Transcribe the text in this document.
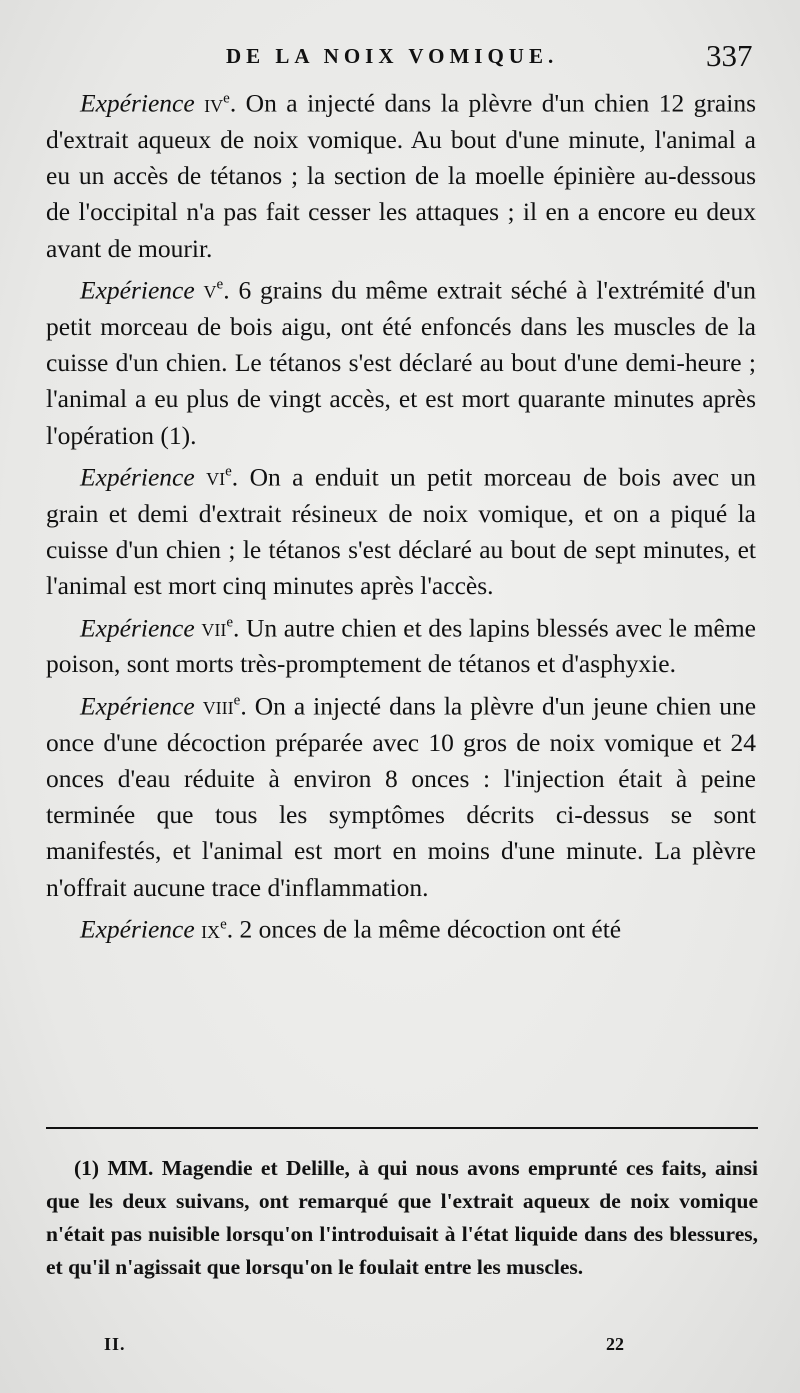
DE LA NOIX VOMIQUE.	337

Expérience $iv^e$. On a injecté dans la plèvre d'un chien 12 grains d'extrait aqueux de noix vomique. Au bout d'une minute, l'animal a eu un accès de tétanos ; la section de la moelle épinière au-dessous de l'occipital n'a pas fait cesser les attaques ; il en a encore eu deux avant de mourir.

Expérience $v^e$. 6 grains du même extrait séché à l'extrémité d'un petit morceau de bois aigu, ont été enfoncés dans les muscles de la cuisse d'un chien. Le tétanos s'est déclaré au bout d'une demi-heure ; l'animal a eu plus de vingt accès, et est mort quarante minutes après l'opération (1).

Expérience $vi^e$. On a enduit un petit morceau de bois avec un grain et demi d'extrait résineux de noix vomique, et on a piqué la cuisse d'un chien ; le tétanos s'est déclaré au bout de sept minutes, et l'animal est mort cinq minutes après l'accès.

Expérience vii$^e$. Un autre chien et des lapins blessés avec le même poison, sont morts très-promptement de tétanos et d'asphyxie.

Expérience viii$^e$. On a injecté dans la plèvre d'un jeune chien une once d'une décoction préparée avec 10 gros de noix vomique et 24 onces d'eau réduite à environ 8 onces : l'injection était à peine terminée que tous les symptômes décrits ci-dessus se sont manifestés, et l'animal est mort en moins d'une minute. La plèvre n'offrait aucune trace d'inflammation.

Expérience $ix^e$. 2 onces de la même décoction ont été

(1) MM. Magendie et Delille, à qui nous avons emprunté ces faits, ainsi que les deux suivans, ont remarqué que l'extrait aqueux de noix vomique n'était pas nuisible lorsqu'on l'introduisait à l'état liquide dans des blessures, et qu'il n'agissait que lorsqu'on le foulait entre les muscles.

II.	22
